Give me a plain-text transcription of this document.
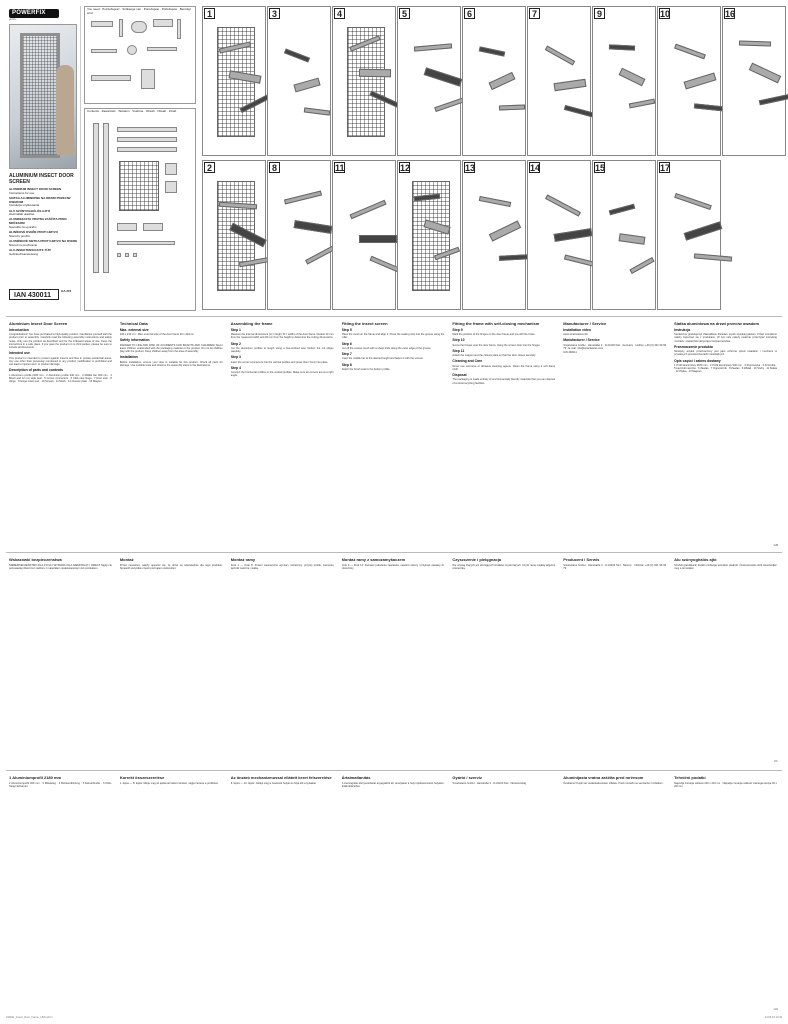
POWERFIX
profi+
ALUMINIUM INSECT DOOR SCREEN
ALUMINIUM INSECT DOOR SCREEN
Instructions for use
SIATKA ALUMINIOWA NA DRZWI PRZECIW OWADOM
Instrukcja użytkowania
ALU SZÚNYOGHÁLÓS AJTÓ
Használati utasítás
ALUMINIJASTA VRATNA ZAŠČITA PRED MRČESOM
Navodila za uporabo
HLINÍKOVÉ DVEŘE PROTI HMYZU
Návod k použití
ALUMÍNIOVÉ SIETKA PROTI HMYZU NA DVERE
Návod na používanie
ALU-INSEKTENSCHUTZ-TÜR
Gebrauchsanweisung
IAN 430011
GA 373
You need · Potrzebujesz · Szüksége van · Potrebujete · Potřebujete · Benötigt wird
Contents · Zawartość · Tartalom · Vsebina · Obsah · Obsah · Inhalt
1	3	4	5	6	7	9	10	16
2	8	11	12	13	14	15	17
Aluminium Insect Door Screen
Introduction

Congratulations! You have purchased a high-quality product. Familiarise yourself with the product prior to assembly. Carefully read the following assembly instructions and safety notes. Only use the product as described and for the indicated areas of use. Keep the instructions in a safe place. If you pass the product on to third parties, please be sure to include all documents.

Intended use

This product is intended to protect against insects and flies in private residential areas. Any use other than previously mentioned or any product modification is prohibited and can lead to injuries and / or product damage.

Description of parts and contents

1 Aluminium profile 2180 mm · 2 Aluminium profile 940 mm · 3 Middle bar 940 mm · 4 Brush and 12 mm wide seal · 5 Corner connectors · 6 Click stop hinge · 7 Door stop · 8 Hinge · 9 Hinge insert part · 10 Screws · 11 Mesh · 12 Closure plate · 13 Magnet

Technical Data
Max. external size

100 x 210 cm · Max. external size of the door frame 94 x 204 cm

Safety information

DANGER TO LIFE AND RISK OF ACCIDENTS FOR INFANTS AND CHILDREN! Never leave children unattended with the packaging material or the product. Do not let children play with the product. Keep children away from the area of assembly.

Installation

Before installation, ensure your door is suitable for this product. Check all parts for damage. Use suitable tools and observe the assembly steps in the illustrations.

Assembling the frame
Step 1

Measure the internal dimensions (H = height, B = width) of the door frame. Deduct 20 mm from the measured width and 26 mm from the height to determine the cutting dimensions.

Step 2

Cut the aluminium profiles to length using a fine-toothed saw. Deburr the cut edges carefully.

Step 3

Insert the corner connectors into the vertical profiles and press them firmly into place.

Step 4

Connect the horizontal profiles to the vertical profiles. Make sure all corners are at a right angle.

Fitting the insect screen
Step 5

Place the mesh on the frame and align it. Press the sealing strip into the groove using the roller.

Step 6

Cut off the excess mesh with a sharp knife along the outer edge of the groove.

Step 7

Insert the middle bar at the desired height and fasten it with the screws.

Step 8

Attach the brush seal to the bottom profile.

Fitting the frame with self-closing mechanism
Step 9

Mark the position of the hinges on the door frame and pre-drill the holes.

Step 10

Screw the hinges onto the door frame. Hang the screen door into the hinges.

Step 11

Attach the magnet and the closure plate so that the door closes securely.

Cleaning and Care

Never use corrosive or abrasive cleaning agents. Clean the frame using a soft damp cloth.

Disposal

The packaging is made entirely of environmentally friendly materials that you can dispose of at local recycling facilities.

Manufacturer / Service
Installation video

www.smartwares.info

Manufacturer / Service

Smartwares GmbH · Hanstraße 3 · D-24103 Kiel · Germany · Hotline: +49 (0) 341 99 93 79 · E-mail: info@smartwares.com

IAN 430011

Siatka aluminiowa na drzwi przeciw owadom
Instrukcja

Serdecznie gratulujemy! Zakupiliście Państwo wyrób wysokiej jakości. Przed montażem należy zapoznać się z produktem. W tym celu należy uważnie przeczytać instrukcję montażu i wskazówki dotyczące bezpieczeństwa.

Przeznaczenie produktu

Niniejszy artykuł przeznaczony jest jako ochrona przed owadami i muchami w prywatnych pomieszczeniach mieszkalnych.

Opis części i zakres dostawy

1 Profil aluminiowy 2180 mm · 2 Profil aluminiowy 940 mm · 3 Poprzeczka · 4 Szczotka · 5 Łączniki narożne · 6 Zawias · 7 Ogranicznik · 8 Zawias · 9 Wkład · 10 Śruby · 11 Siatka · 12 Płytka · 13 Magnes

GB
Wskazówki bezpieczeństwa

NIEBEZPIECZEŃSTWO DLA ŻYCIA I WYPADKU DLA NIEMOWLĄT I DZIECI! Nigdy nie pozostawiaj dzieci bez nadzoru z materiałem opakowaniowym lub produktem.

Montaż

Przed montażem należy upewnić się, że drzwi są odpowiednie dla tego produktu. Sprawdź wszystkie części pod kątem uszkodzeń.

Montaż ramy

Krok 1 — Krok 8: Zmierz wewnętrzne wymiary ościeżnicy, przytnij profile, zamontuj łączniki narożne i siatkę.

Montaż ramy z samozamykaczem

Krok 9 — Krok 14: Zaznacz położenie zawiasów, nawierć otwory i przykręć zawiasy do ościeżnicy.

Czyszczenie i pielęgnacja

Nie używaj żrących ani szorujących środków czyszczących. Czyść ramę miękką wilgotną ściereczką.

Producent / Serwis

Smartwares GmbH · Hanstraße 3 · D-24103 Kiel · Niemcy · Infolinia: +49 (0) 341 99 93 79

Alu szúnyoghálós ajtó

Szívből gratulálunk! Kiváló minőségű terméket vásárolt. Összeszerelés előtt ismerkedjen meg a termékkel.

PL
1 Aluminiumprofil 2180 mm

2 Aluminiumprofil 940 mm · 3 Mittelsteg · 4 Bürstendichtung · 5 Eckverbinder · 6 Klick-Stopp-Scharnier

Korrekt összeszerelése

1. lépés — 8. lépés: Mérje meg az ajtókeret belső méreteit, vágja méretre a profilokat.

Az önzáró mechanizmussal ellátott keret felszerelése

9. lépés — 13. lépés: Jelölje meg a zsanérok helyét és fúrja elő a lyukakat.

Ártalmatlanítás

A csomagolás környezetbarát anyagokból áll, amelyeket a helyi újrahasznosító helyeken ártalmatlaníthat.

Gyártó / szerviz

Smartwares GmbH · Hanstraße 3 · D-24103 Kiel · Németország

Aluminijasta vratna zaščita pred mrčesom

Čestitamo! Kupili ste visokokakovosten izdelek. Pred montažo se seznanite z izdelkom.

Tehnični podatki

Največja zunanja velikost 100 x 210 cm · Največja zunanja velikost vratnega okvirja 94 x 204 cm

HU
430011_Insect_Door_Frame_LB4.indd 1	14.06.23 10:43
